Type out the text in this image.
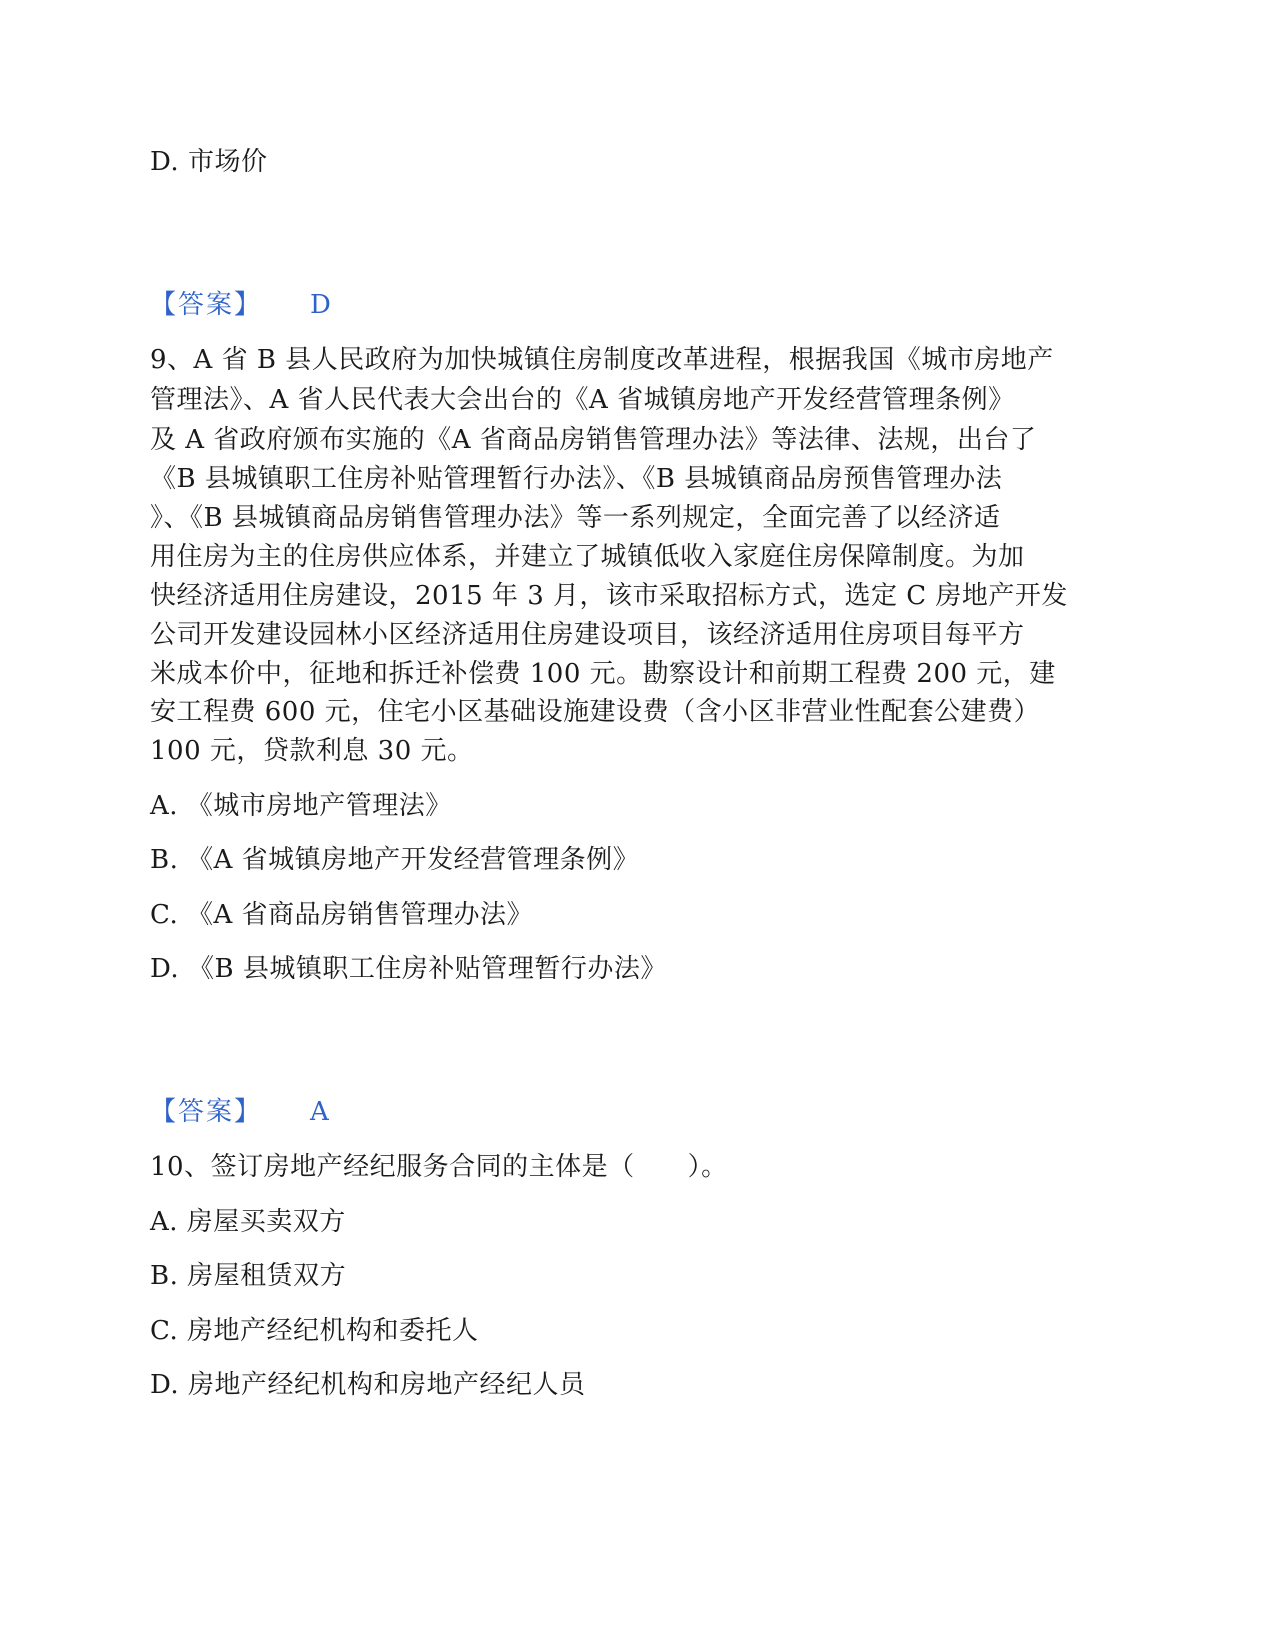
D. 市场价
【答案】 D
9、A 省 B 县人民政府为加快城镇住房制度改革进程，根据我国《城市房地产
管理法》、A 省人民代表大会出台的《A 省城镇房地产开发经营管理条例》
及 A 省政府颁布实施的《A 省商品房销售管理办法》等法律、法规，出台了
《B 县城镇职工住房补贴管理暂行办法》、《B 县城镇商品房预售管理办法
》、《B 县城镇商品房销售管理办法》等一系列规定，全面完善了以经济适
用住房为主的住房供应体系，并建立了城镇低收入家庭住房保障制度。为加
快经济适用住房建设，2015 年 3 月，该市采取招标方式，选定 C 房地产开发
公司开发建设园林小区经济适用住房建设项目，该经济适用住房项目每平方
米成本价中，征地和拆迁补偿费 100 元。勘察设计和前期工程费 200 元，建
安工程费 600 元，住宅小区基础设施建设费（含小区非营业性配套公建费）
100 元，贷款利息 30 元。
A. 《城市房地产管理法》
B. 《A 省城镇房地产开发经营管理条例》
C. 《A 省商品房销售管理办法》
D. 《B 县城镇职工住房补贴管理暂行办法》
【答案】 A
10、签订房地产经纪服务合同的主体是（　　）。
A. 房屋买卖双方
B. 房屋租赁双方
C. 房地产经纪机构和委托人
D. 房地产经纪机构和房地产经纪人员
